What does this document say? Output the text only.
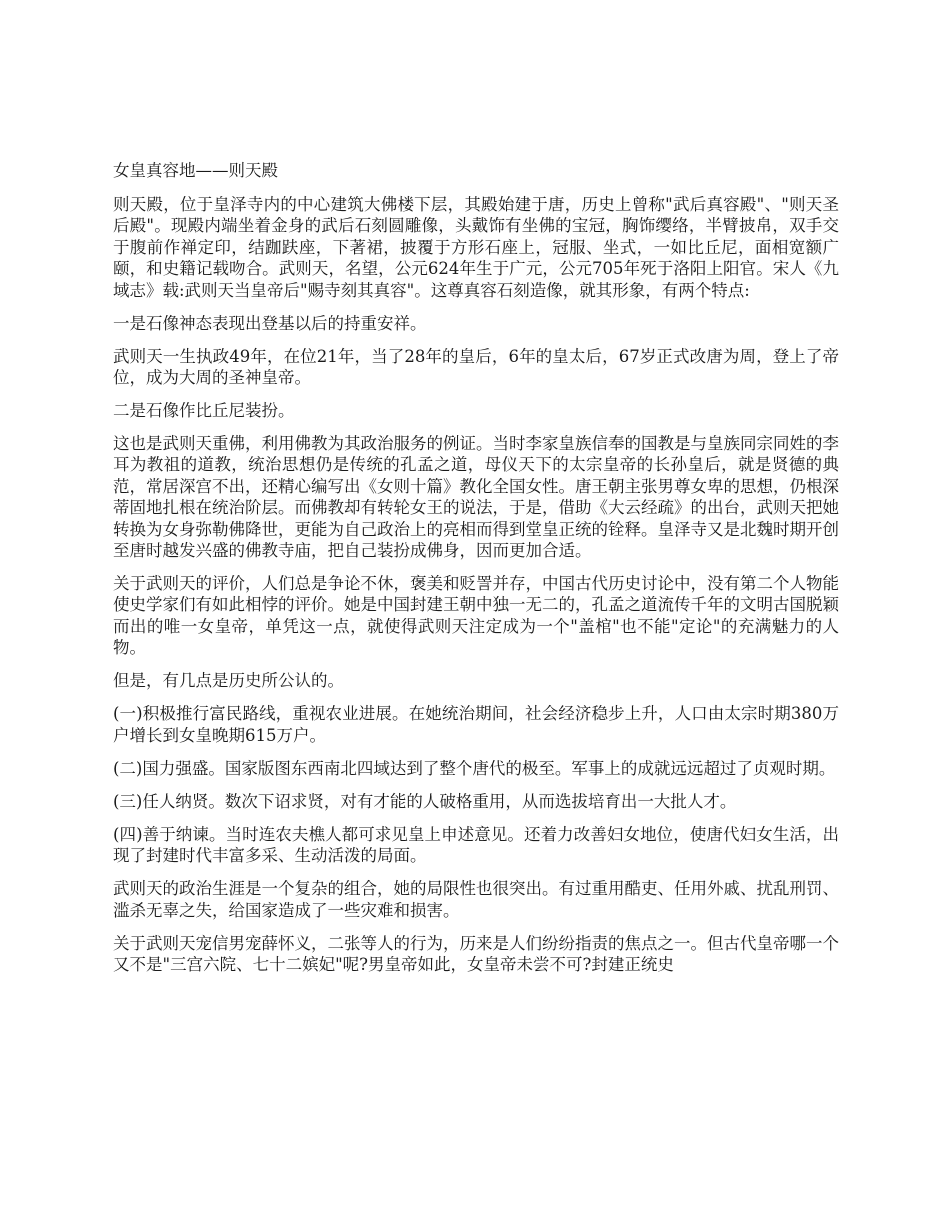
女皇真容地——则天殿

则天殿，位于皇泽寺内的中心建筑大佛楼下层，其殿始建于唐，历史上曾称"武后真容殿"、"则天圣后殿"。现殿内端坐着金身的武后石刻圆雕像，头戴饰有坐佛的宝冠，胸饰缨络，半臂披帛，双手交于腹前作禅定印，结跏趺座，下著裙，披覆于方形石座上，冠服、坐式，一如比丘尼，面相宽额广颐，和史籍记载吻合。武则天，名望，公元624年生于广元，公元705年死于洛阳上阳官。宋人《九域志》载:武则天当皇帝后"赐寺刻其真容"。这尊真容石刻造像，就其形象，有两个特点:

一是石像神态表现出登基以后的持重安祥。

武则天一生执政49年，在位21年，当了28年的皇后，6年的皇太后，67岁正式改唐为周，登上了帝位，成为大周的圣神皇帝。

二是石像作比丘尼装扮。

这也是武则天重佛，利用佛教为其政治服务的例证。当时李家皇族信奉的国教是与皇族同宗同姓的李耳为教祖的道教，统治思想仍是传统的孔孟之道，母仪天下的太宗皇帝的长孙皇后，就是贤德的典范，常居深宫不出，还精心编写出《女则十篇》教化全国女性。唐王朝主张男尊女卑的思想，仍根深蒂固地扎根在统治阶层。而佛教却有转轮女王的说法，于是，借助《大云经疏》的出台，武则天把她转换为女身弥勒佛降世，更能为自己政治上的亮相而得到堂皇正统的铨释。皇泽寺又是北魏时期开创至唐时越发兴盛的佛教寺庙，把自己装扮成佛身，因而更加合适。

关于武则天的评价，人们总是争论不休，褒美和贬詈并存，中国古代历史讨论中，没有第二个人物能使史学家们有如此相悖的评价。她是中国封建王朝中独一无二的，孔孟之道流传千年的文明古国脱颖而出的唯一女皇帝，单凭这一点，就使得武则天注定成为一个"盖棺"也不能"定论"的充满魅力的人物。

但是，有几点是历史所公认的。

(一)积极推行富民路线，重视农业进展。在她统治期间，社会经济稳步上升，人口由太宗时期380万户增长到女皇晚期615万户。

(二)国力强盛。国家版图东西南北四域达到了整个唐代的极至。军事上的成就远远超过了贞观时期。

(三)任人纳贤。数次下诏求贤，对有才能的人破格重用，从而选拔培育出一大批人才。

(四)善于纳谏。当时连农夫樵人都可求见皇上申述意见。还着力改善妇女地位，使唐代妇女生活，出现了封建时代丰富多采、生动活泼的局面。

武则天的政治生涯是一个复杂的组合，她的局限性也很突出。有过重用酷吏、任用外戚、扰乱刑罚、滥杀无辜之失，给国家造成了一些灾难和损害。

关于武则天宠信男宠薛怀义，二张等人的行为，历来是人们纷纷指责的焦点之一。但古代皇帝哪一个又不是"三宫六院、七十二嫔妃"呢?男皇帝如此，女皇帝未尝不可?封建正统史
